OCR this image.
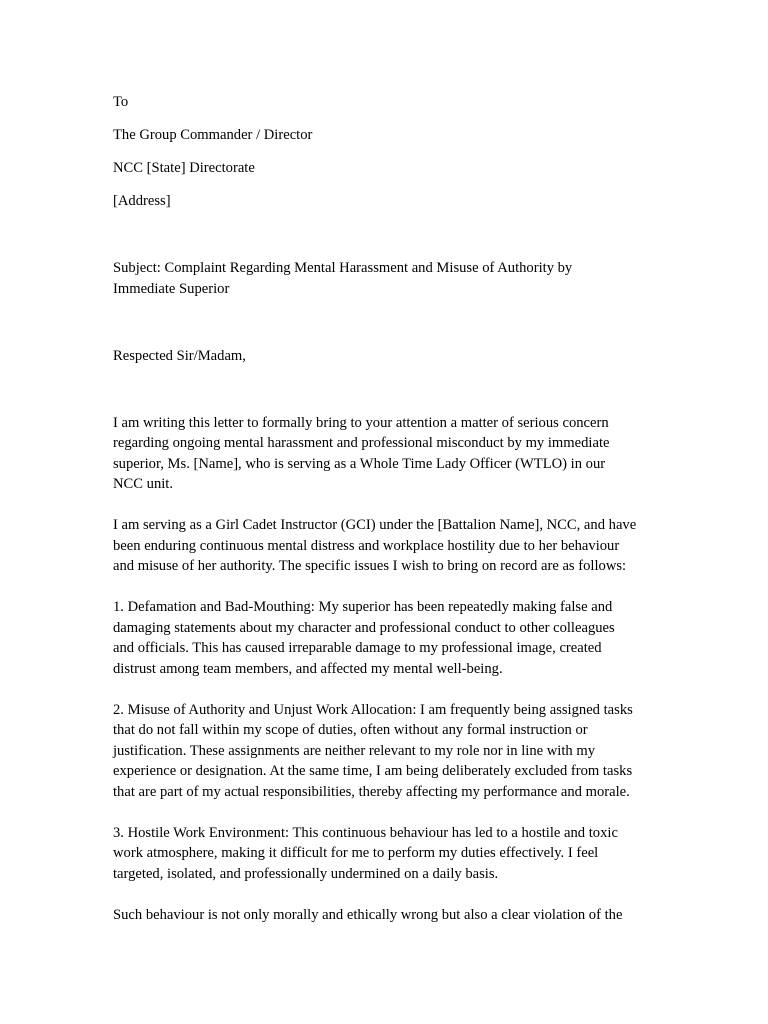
To

The Group Commander / Director

NCC [State] Directorate

[Address]

Subject: Complaint Regarding Mental Harassment and Misuse of Authority by

Immediate Superior

Respected Sir/Madam,

I am writing this letter to formally bring to your attention a matter of serious concern

regarding ongoing mental harassment and professional misconduct by my immediate

superior, Ms. [Name], who is serving as a Whole Time Lady Officer (WTLO) in our

NCC unit.

I am serving as a Girl Cadet Instructor (GCI) under the [Battalion Name], NCC, and have

been enduring continuous mental distress and workplace hostility due to her behaviour

and misuse of her authority. The specific issues I wish to bring on record are as follows:

1. Defamation and Bad-Mouthing: My superior has been repeatedly making false and

damaging statements about my character and professional conduct to other colleagues

and officials. This has caused irreparable damage to my professional image, created

distrust among team members, and affected my mental well-being.

2. Misuse of Authority and Unjust Work Allocation: I am frequently being assigned tasks

that do not fall within my scope of duties, often without any formal instruction or

justification. These assignments are neither relevant to my role nor in line with my

experience or designation. At the same time, I am being deliberately excluded from tasks

that are part of my actual responsibilities, thereby affecting my performance and morale.

3. Hostile Work Environment: This continuous behaviour has led to a hostile and toxic

work atmosphere, making it difficult for me to perform my duties effectively. I feel

targeted, isolated, and professionally undermined on a daily basis.

Such behaviour is not only morally and ethically wrong but also a clear violation of the
